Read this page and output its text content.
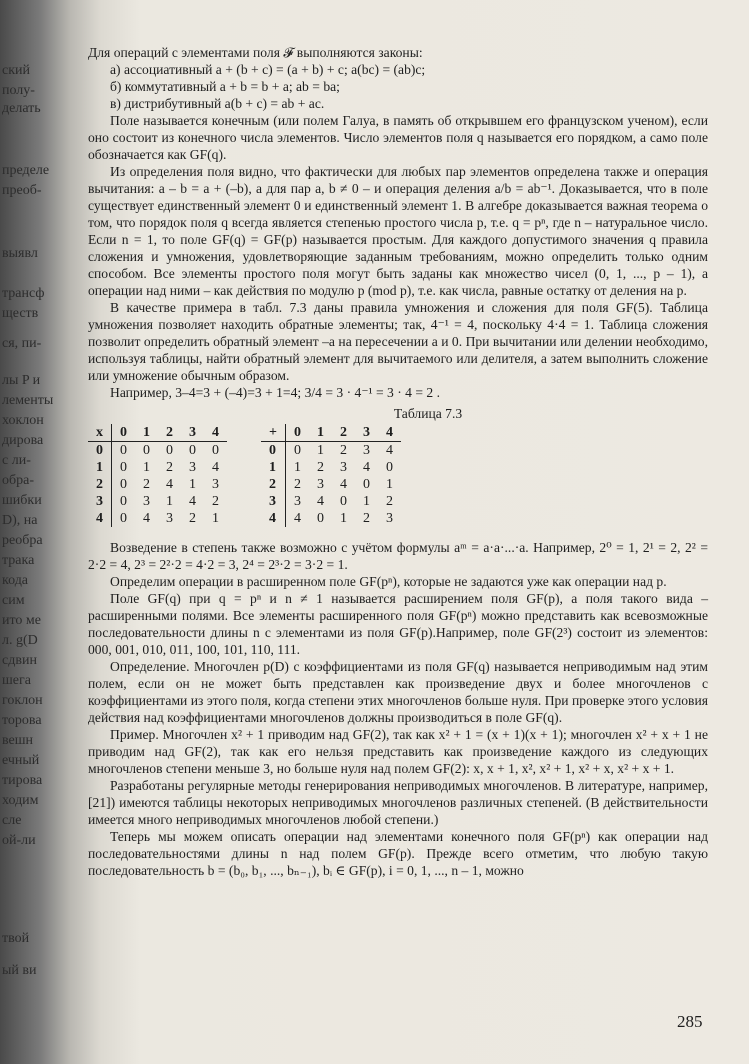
ский
полу-
делать
пределе
преоб-
выявл
трансф
ществ
ся, пи-
лы P и
лементы
хоклон
дирова
с ли-
обра-
шибки
D), на
реобра
трака
кода
сим
ито ме
л. g(D
сдвин
шега
гоклон
торова
вешн
ечный
тирова
ходим
сле
ой-ли
твой
ый ви

Для операций с элементами поля 𝓕 выполняются законы:

а) ассоциативный a + (b + c) = (a + b) + c; a(bc) = (ab)c;

б) коммутативный a + b = b + a; ab = ba;

в) дистрибутивный a(b + c) = ab + ac.

Поле называется конечным (или полем Галуа, в память об открывшем его французском ученом), если оно состоит из конечного числа элементов. Число элементов поля q называется его порядком, а само поле обозначается как GF(q).

Из определения поля видно, что фактически для любых пар элементов определена также и операция вычитания: a – b = a + (–b), а для пар a, b ≠ 0 – и операция деления a/b = ab⁻¹. Доказывается, что в поле существует единственный элемент 0 и единственный элемент 1. В алгебре доказывается важная теорема о том, что порядок поля q всегда является степенью простого числа p, т.е. q = pⁿ, где n – натуральное число. Если n = 1, то поле GF(q) = GF(p) называется простым. Для каждого допустимого значения q правила сложения и умножения, удовлетворяющие заданным требованиям, можно определить только одним способом. Все элементы простого поля могут быть заданы как множество чисел (0, 1, ..., p – 1), а операции над ними – как действия по модулю p (mod p), т.е. как числа, равные остатку от деления на p.

В качестве примера в табл. 7.3 даны правила умножения и сложения для поля GF(5). Таблица умножения позволяет находить обратные элементы; так, 4⁻¹ = 4, поскольку 4·4 = 1. Таблица сложения позволит определить обратный элемент –a на пересечении a и 0. При вычитании или делении необходимо, используя таблицы, найти обратный элемент для вычитаемого или делителя, а затем выполнить сложение или умножение обычным образом.

Например, 3–4=3 + (–4)=3 + 1=4; 3/4 = 3 · 4⁻¹ = 3 · 4 = 2 .

Таблица 7.3
x	0	1	2	3	4
0	0	0	0	0	0
1	0	1	2	3	4
2	0	2	4	1	3
3	0	3	1	4	2
4	0	4	3	2	1
+	0	1	2	3	4
0	0	1	2	3	4
1	1	2	3	4	0
2	2	3	4	0	1
3	3	4	0	1	2
4	4	0	1	2	3

Возведение в степень также возможно с учётом формулы aᵐ = a·a·...·a. Например, 2⁰ = 1, 2¹ = 2, 2² = 2·2 = 4, 2³ = 2²·2 = 4·2 = 3, 2⁴ = 2³·2 = 3·2 = 1.

Определим операции в расширенном поле GF(pⁿ), которые не задаются уже как операции над p.

Поле GF(q) при q = pⁿ и n ≠ 1 называется расширением поля GF(p), а поля такого вида – расширенными полями. Все элементы расширенного поля GF(pⁿ) можно представить как всевозможные последовательности длины n с элементами из поля GF(p).Например, поле GF(2³) состоит из элементов: 000, 001, 010, 011, 100, 101, 110, 111.

Определение. Многочлен p(D) с коэффициентами из поля GF(q) называется неприводимым над этим полем, если он не может быть представлен как произведение двух и более многочленов с коэффициентами из этого поля, когда степени этих многочленов больше нуля. При проверке этого условия действия над коэффициентами многочленов должны производиться в поле GF(q).

Пример. Многочлен x² + 1 приводим над GF(2), так как x² + 1 = (x + 1)(x + 1); многочлен x² + x + 1 не приводим над GF(2), так как его нельзя представить как произведение каждого из следующих многочленов степени меньше 3, но больше нуля над полем GF(2): x, x + 1, x², x² + 1, x² + x, x² + x + 1.

Разработаны регулярные методы генерирования неприводимых многочленов. В литературе, например, [21]) имеются таблицы некоторых неприводимых многочленов различных степеней. (В действительности имеется много неприводимых многочленов любой степени.)

Теперь мы можем описать операции над элементами конечного поля GF(pⁿ) как операции над последовательностями длины n над полем GF(p). Прежде всего отметим, что любую такую последовательность b = (b₀, b₁, ..., bₙ₋₁), bᵢ ∈ GF(p), i = 0, 1, ..., n – 1, можно

285
